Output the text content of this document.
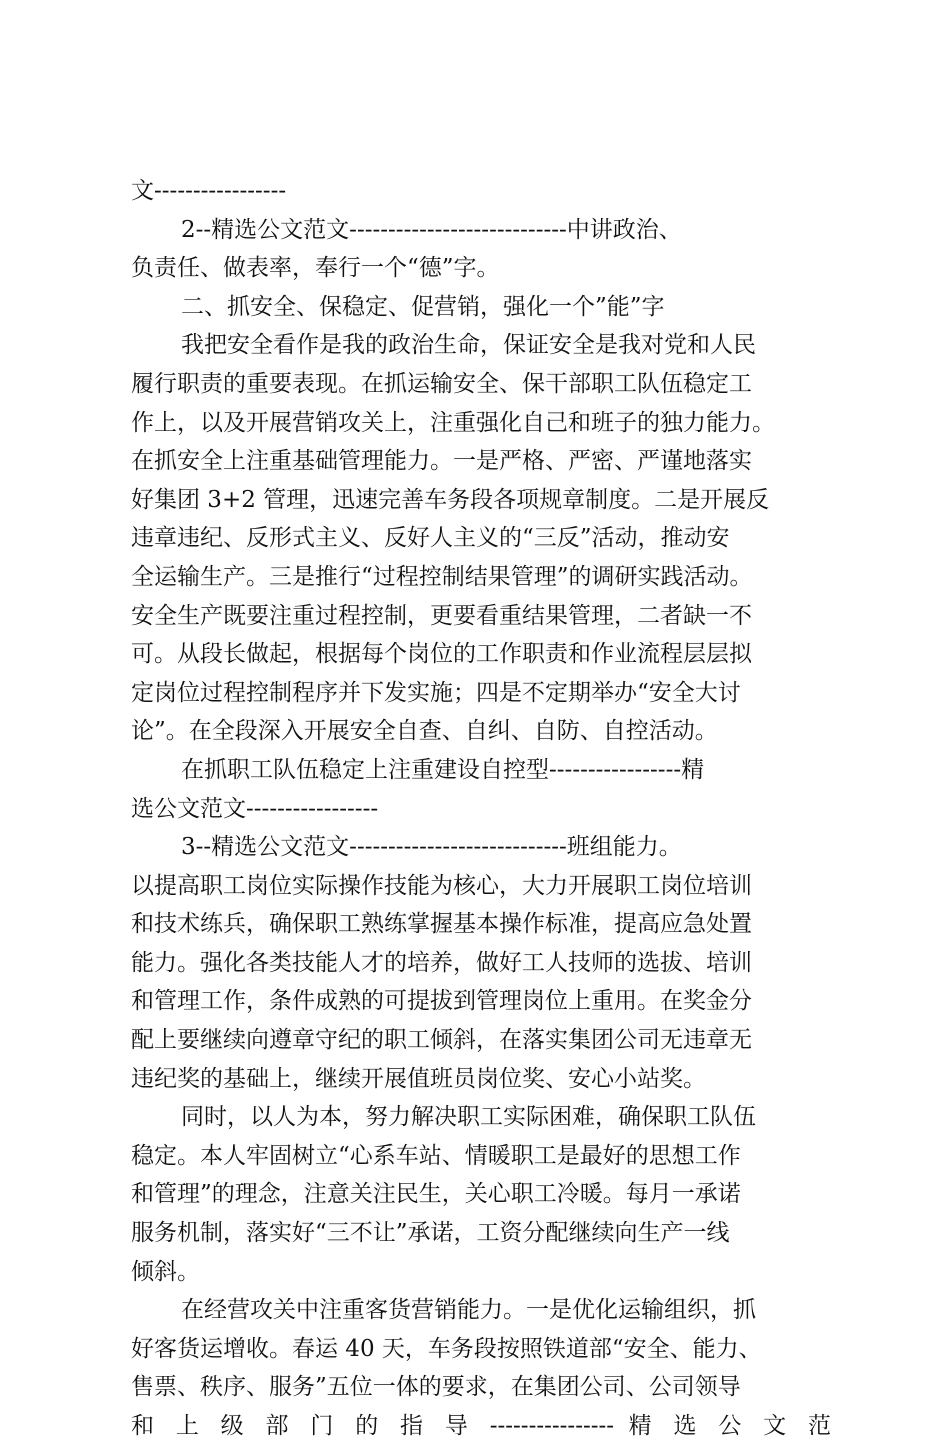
文-----------------
2--精选公文范文----------------------------中讲政治、
负责任、做表率，奉行一个“德”字。
二、抓安全、保稳定、促营销，强化一个”能”字
我把安全看作是我的政治生命，保证安全是我对党和人民
履行职责的重要表现。在抓运输安全、保干部职工队伍稳定工
作上，以及开展营销攻关上，注重强化自己和班子的独力能力。
在抓安全上注重基础管理能力。一是严格、严密、严谨地落实
好集团 3+2 管理，迅速完善车务段各项规章制度。二是开展反
违章违纪、反形式主义、反好人主义的“三反”活动，推动安
全运输生产。三是推行“过程控制结果管理”的调研实践活动。
安全生产既要注重过程控制，更要看重结果管理，二者缺一不
可。从段长做起，根据每个岗位的工作职责和作业流程层层拟
定岗位过程控制程序并下发实施；四是不定期举办“安全大讨
论”。在全段深入开展安全自查、自纠、自防、自控活动。
在抓职工队伍稳定上注重建设自控型-----------------精
选公文范文-----------------
3--精选公文范文----------------------------班组能力。
以提高职工岗位实际操作技能为核心，大力开展职工岗位培训
和技术练兵，确保职工熟练掌握基本操作标准，提高应急处置
能力。强化各类技能人才的培养，做好工人技师的选拔、培训
和管理工作，条件成熟的可提拔到管理岗位上重用。在奖金分
配上要继续向遵章守纪的职工倾斜，在落实集团公司无违章无
违纪奖的基础上，继续开展值班员岗位奖、安心小站奖。
同时，以人为本，努力解决职工实际困难，确保职工队伍
稳定。本人牢固树立“心系车站、情暖职工是最好的思想工作
和管理”的理念，注意关注民生，关心职工冷暖。每月一承诺
服务机制，落实好“三不让”承诺，工资分配继续向生产一线
倾斜。
在经营攻关中注重客货营销能力。一是优化运输组织，抓
好客货运增收。春运 40 天，车务段按照铁道部“安全、能力、
售票、秩序、服务”五位一体的要求，在集团公司、公司领导
和 上 级 部 门 的 指 导 ---------------- 精 选 公 文 范
